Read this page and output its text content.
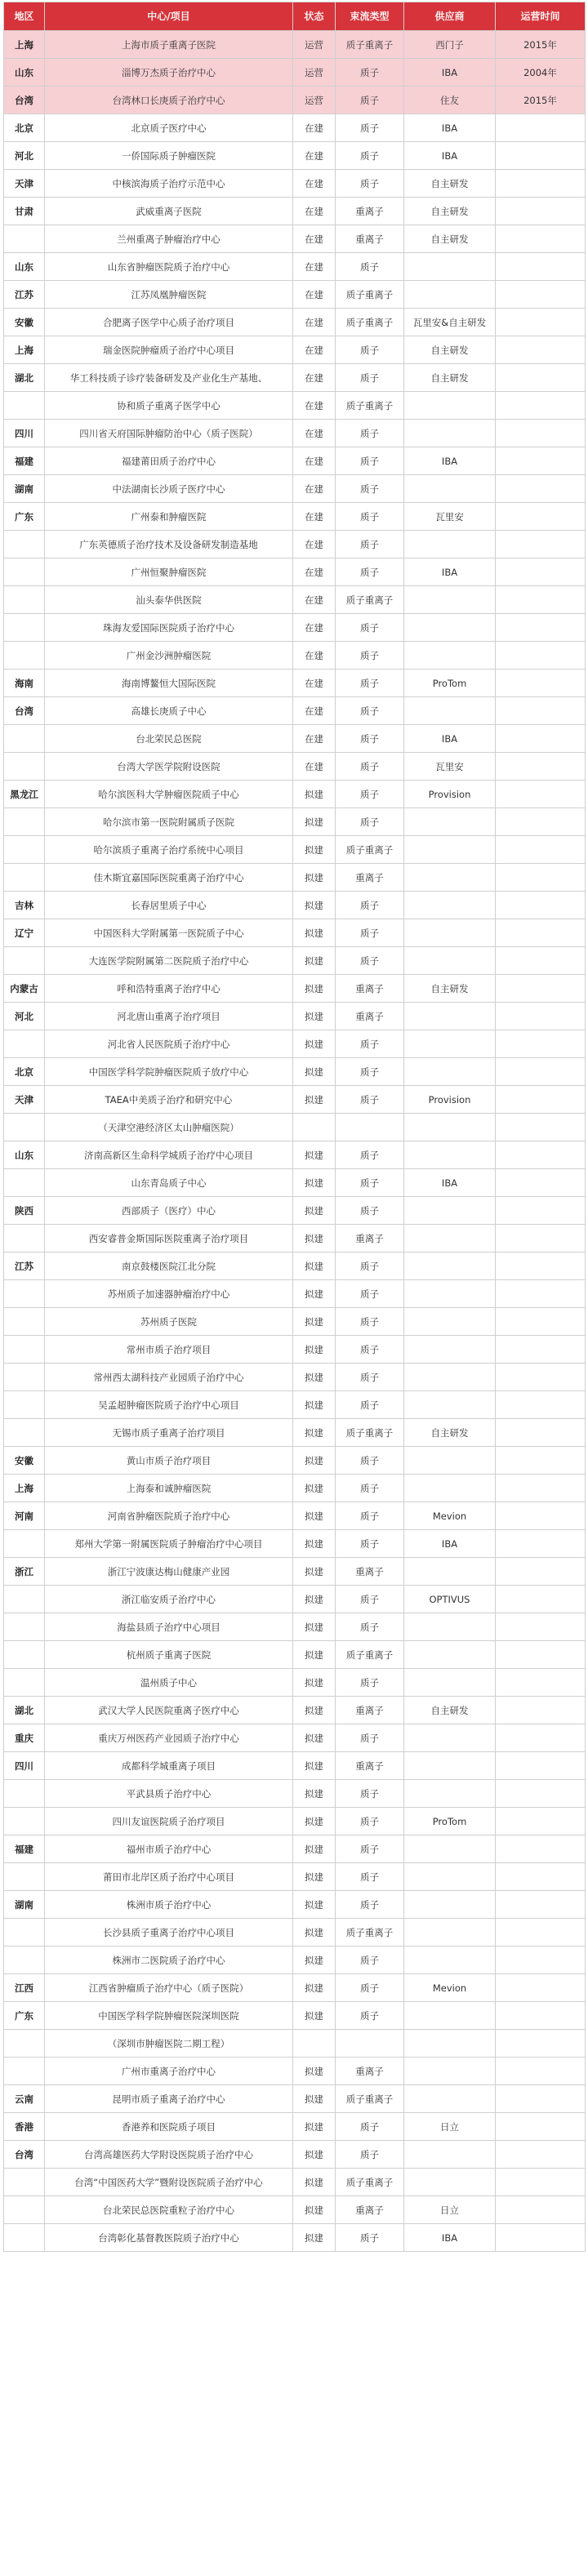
地区	中心/项目	状态	束流类型	供应商	运营时间
上海	上海市质子重离子医院	运营	质子重离子	西门子	2015年
山东	淄博万杰质子治疗中心	运营	质子	IBA	2004年
台湾	台湾林口长庚质子治疗中心	运营	质子	住友	2015年
北京	北京质子医疗中心	在建	质子	IBA	
河北	一侨国际质子肿瘤医院	在建	质子	IBA	
天津	中核滨海质子治疗示范中心	在建	质子	自主研发	
甘肃	武威重离子医院	在建	重离子	自主研发	
	兰州重离子肿瘤治疗中心	在建	重离子	自主研发	
山东	山东省肿瘤医院质子治疗中心	在建	质子		
江苏	江苏凤凰肿瘤医院	在建	质子重离子		
安徽	合肥离子医学中心质子治疗项目	在建	质子重离子	瓦里安&自主研发	
上海	瑞金医院肿瘤质子治疗中心项目	在建	质子	自主研发	
湖北	华工科技质子诊疗装备研发及产业化生产基地、	在建	质子	自主研发	
	协和质子重离子医学中心	在建	质子重离子		
四川	四川省天府国际肿瘤防治中心（质子医院）	在建	质子		
福建	福建莆田质子治疗中心	在建	质子	IBA	
湖南	中法湖南长沙质子医疗中心	在建	质子		
广东	广州泰和肿瘤医院	在建	质子	瓦里安	
	广东英德质子治疗技术及设备研发制造基地	在建	质子		
	广州恒聚肿瘤医院	在建	质子	IBA	
	汕头泰华供医院	在建	质子重离子		
	珠海友爱国际医院质子治疗中心	在建	质子		
	广州金沙洲肿瘤医院	在建	质子		
海南	海南博鳌恒大国际医院	在建	质子	ProTom	
台湾	高雄长庚质子中心	在建	质子		
	台北荣民总医院	在建	质子	IBA	
	台湾大学医学院附设医院	在建	质子	瓦里安	
黑龙江	哈尔滨医科大学肿瘤医院质子中心	拟建	质子	Provision	
	哈尔滨市第一医院附属质子医院	拟建	质子		
	哈尔滨质子重离子治疗系统中心项目	拟建	质子重离子		
	佳木斯宜嘉国际医院重离子治疗中心	拟建	重离子		
吉林	长春居里质子中心	拟建	质子		
辽宁	中国医科大学附属第一医院质子中心	拟建	质子		
	大连医学院附属第二医院质子治疗中心	拟建	质子		
内蒙古	呼和浩特重离子治疗中心	拟建	重离子	自主研发	
河北	河北唐山重离子治疗项目	拟建	重离子		
	河北省人民医院质子治疗中心	拟建	质子		
北京	中国医学科学院肿瘤医院质子放疗中心	拟建	质子		
天津	TAEA中美质子治疗和研究中心	拟建	质子	Provision	
	（天津空港经济区太山肿瘤医院）				
山东	济南高新区生命科学城质子治疗中心项目	拟建	质子		
	山东青岛质子中心	拟建	质子	IBA	
陕西	西部质子（医疗）中心	拟建	质子		
	西安睿普金斯国际医院重离子治疗项目	拟建	重离子		
江苏	南京鼓楼医院江北分院	拟建	质子		
	苏州质子加速器肿瘤治疗中心	拟建	质子		
	苏州质子医院	拟建	质子		
	常州市质子治疗项目	拟建	质子		
	常州西太湖科技产业园质子治疗中心	拟建	质子		
	吴孟超肿瘤医院质子治疗中心项目	拟建	质子		
	无锡市质子重离子治疗项目	拟建	质子重离子	自主研发	
安徽	黄山市质子治疗项目	拟建	质子		
上海	上海泰和诚肿瘤医院	拟建	质子		
河南	河南省肿瘤医院质子治疗中心	拟建	质子	Mevion	
	郑州大学第一附属医院质子肿瘤治疗中心项目	拟建	质子	IBA	
浙江	浙江宁波康达梅山健康产业园	拟建	重离子		
	浙江临安质子治疗中心	拟建	质子	OPTIVUS	
	海盐县质子治疗中心项目	拟建	质子		
	杭州质子重离子医院	拟建	质子重离子		
	温州质子中心	拟建	质子		
湖北	武汉大学人民医院重离子医疗中心	拟建	重离子	自主研发	
重庆	重庆万州医药产业园质子治疗中心	拟建	质子		
四川	成都科学城重离子项目	拟建	重离子		
	平武县质子治疗中心	拟建	质子		
	四川友谊医院质子治疗项目	拟建	质子	ProTom	
福建	福州市质子治疗中心	拟建	质子		
	莆田市北岸区质子治疗中心项目	拟建	质子		
湖南	株洲市质子治疗中心	拟建	质子		
	长沙县质子重离子治疗中心项目	拟建	质子重离子		
	株洲市二医院质子治疗中心	拟建	质子		
江西	江西省肿瘤质子治疗中心（质子医院）	拟建	质子	Mevion	
广东	中国医学科学院肿瘤医院深圳医院	拟建	质子		
	（深圳市肿瘤医院二期工程）				
	广州市重离子治疗中心	拟建	重离子		
云南	昆明市质子重离子治疗中心	拟建	质子重离子		
香港	香港养和医院质子项目	拟建	质子	日立	
台湾	台湾高雄医药大学附设医院质子治疗中心	拟建	质子		
	台湾“中国医药大学”暨附设医院质子治疗中心	拟建	质子重离子		
	台北荣民总医院重粒子治疗中心	拟建	重离子	日立	
	台湾彰化基督教医院质子治疗中心	拟建	质子	IBA	
